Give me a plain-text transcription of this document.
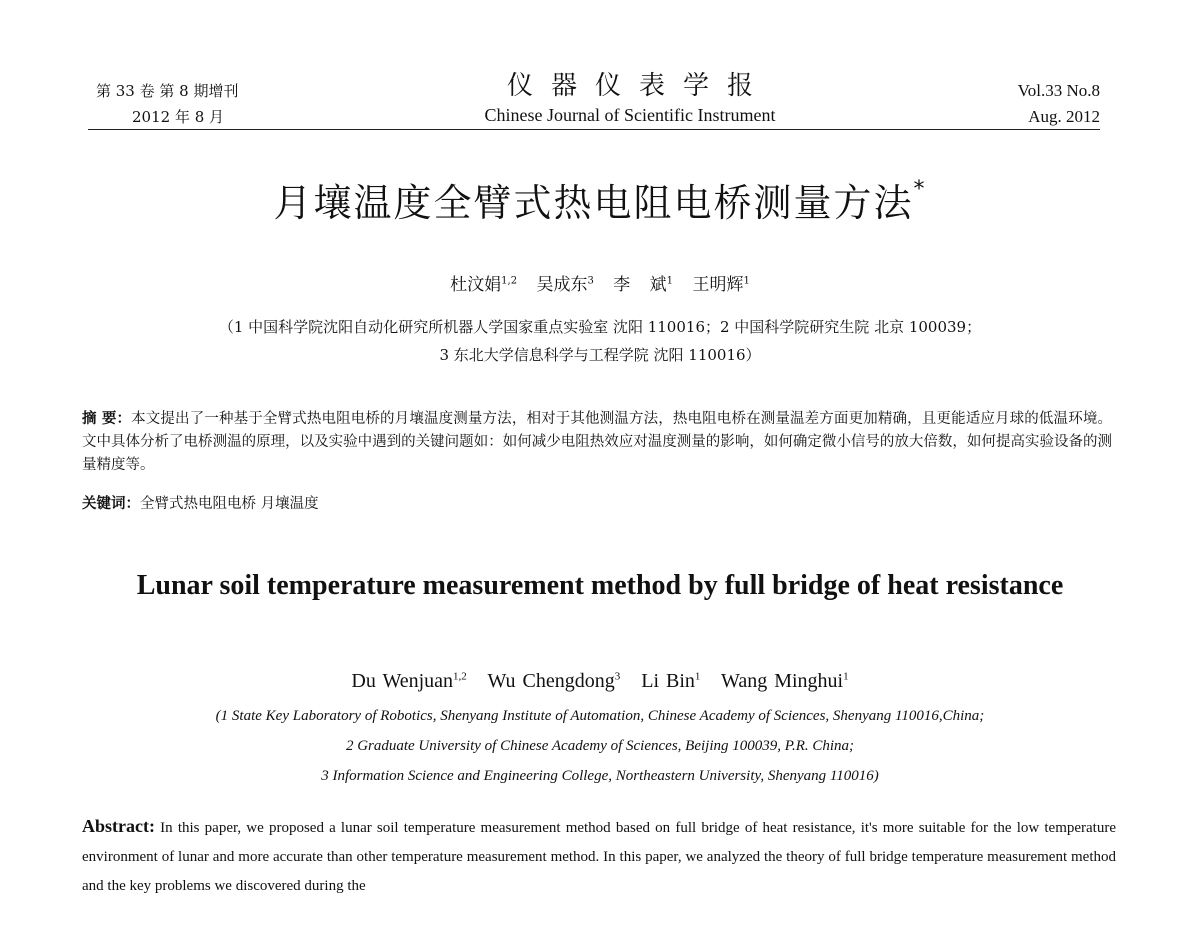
第 33 卷 第 8 期增刊
2012 年 8 月
仪器仪表学报
Chinese Journal of Scientific Instrument
Vol.33 No.8
Aug. 2012
月壤温度全臂式热电阻电桥测量方法*
杜汶娟$^{1,2}$ 吴成东$^3$ 李 斌$^1$ 王明辉$^1$
（1 中国科学院沈阳自动化研究所机器人学国家重点实验室 沈阳 110016；2 中国科学院研究生院 北京 100039；
3 东北大学信息科学与工程学院 沈阳 110016）
摘 要：本文提出了一种基于全臂式热电阻电桥的月壤温度测量方法，相对于其他测温方法，热电阻电桥在测量温差方面更加精确，且更能适应月球的低温环境。文中具体分析了电桥测温的原理，以及实验中遇到的关键问题如：如何减少电阻热效应对温度测量的影响，如何确定微小信号的放大倍数，如何提高实验设备的测量精度等。
关键词：全臂式热电阻电桥 月壤温度
Lunar soil temperature measurement method by full bridge of heat resistance
Du Wenjuan$^{1,2}$ Wu Chengdong$^3$ Li Bin$^1$ Wang Minghui$^1$
(1 State Key Laboratory of Robotics, Shenyang Institute of Automation, Chinese Academy of Sciences, Shenyang 110016,China;
2 Graduate University of Chinese Academy of Sciences, Beijing 100039, P.R. China;
3 Information Science and Engineering College, Northeastern University, Shenyang 110016)
Abstract: In this paper, we proposed a lunar soil temperature measurement method based on full bridge of heat resistance, it's more suitable for the low temperature environment of lunar and more accurate than other temperature measurement method. In this paper, we analyzed the theory of full bridge temperature measurement method and the key problems we discovered during the
